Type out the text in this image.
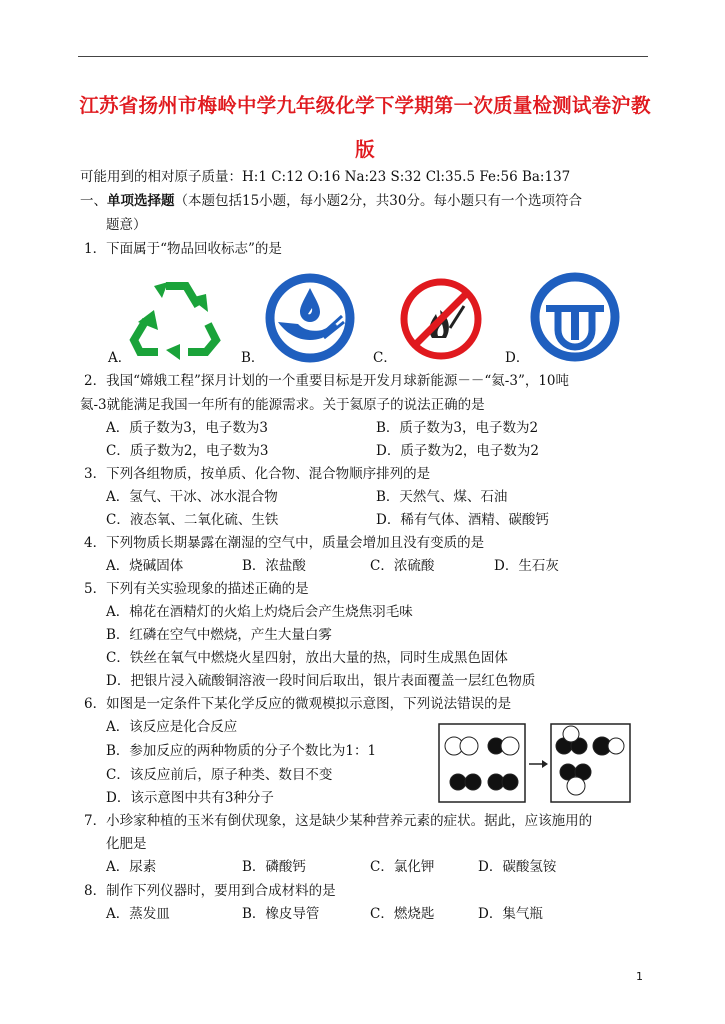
江苏省扬州市梅岭中学九年级化学下学期第一次质量检测试卷沪教
版
可能用到的相对原子质量：H:1 C:12 O:16 Na:23 S:32 Cl:35.5 Fe:56 Ba:137
一、单项选择题（本题包括15小题，每小题2分，共30分。每小题只有一个选项符合
题意）
1．下面属于“物品回收标志”的是
A．	B．	C．	D．
2．我国“嫦娥工程”探月计划的一个重要目标是开发月球新能源－－“氦-3”，10吨
氦-3就能满足我国一年所有的能源需求。关于氦原子的说法正确的是
A．质子数为3，电子数为3	B．质子数为3，电子数为2
C．质子数为2，电子数为3	D．质子数为2，电子数为2
3．下列各组物质，按单质、化合物、混合物顺序排列的是
A．氢气、干冰、冰水混合物	B．天然气、煤、石油
C．液态氧、二氧化硫、生铁	D．稀有气体、酒精、碳酸钙
4．下列物质长期暴露在潮湿的空气中，质量会增加且没有变质的是
A．烧碱固体	B．浓盐酸	C．浓硫酸	D．生石灰
5．下列有关实验现象的描述正确的是
A．棉花在酒精灯的火焰上灼烧后会产生烧焦羽毛味
B．红磷在空气中燃烧，产生大量白雾
C．铁丝在氧气中燃烧火星四射，放出大量的热，同时生成黑色固体
D．把银片浸入硫酸铜溶液一段时间后取出，银片表面覆盖一层红色物质
6．如图是一定条件下某化学反应的微观模拟示意图，下列说法错误的是
A．该反应是化合反应
B．参加反应的两种物质的分子个数比为1：1
C．该反应前后，原子种类、数目不变
D．该示意图中共有3种分子
7．小珍家种植的玉米有倒伏现象，这是缺少某种营养元素的症状。据此，应该施用的
化肥是
A．尿素	B．磷酸钙	C．氯化钾	D．碳酸氢铵
8．制作下列仪器时，要用到合成材料的是
A．蒸发皿	B．橡皮导管	C．燃烧匙	D．集气瓶
1
